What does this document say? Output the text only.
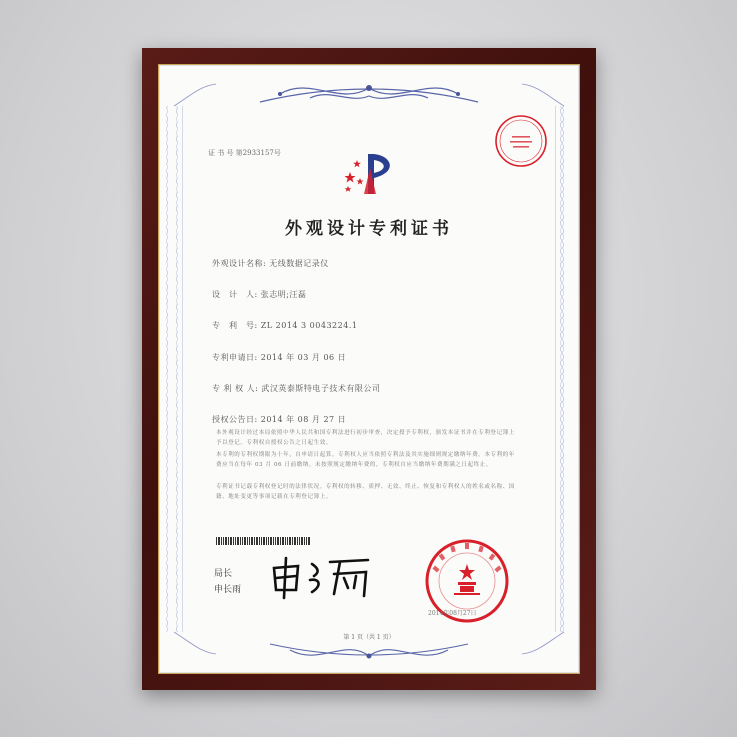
证 书 号 第2933157号
外观设计专利证书
外观设计名称: 无线数据记录仪
设　计　人: 张志明;汪磊
专　利　号: ZL 2014 3 0043224.1
专利申请日: 2014 年 03 月 06 日
专 利 权 人: 武汉英泰斯特电子技术有限公司
授权公告日: 2014 年 08 月 27 日
本外观设计经过本局依照中华人民共和国专利法进行初步审查，决定授予专利权，颁发本证书并在专利登记簿上予以登记。专利权自授权公告之日起生效。
本专利的专利权期限为十年，自申请日起算。专利权人应当依照专利法及其实施细则规定缴纳年费。本专利的年费应当在每年 03 月 06 日前缴纳。未按照规定缴纳年费的，专利权自应当缴纳年费期满之日起终止。
专利证书记载专利权登记时的法律状况。专利权的转移、质押、无效、终止、恢复和专利权人的姓名或名称、国籍、地址变更等事项记载在专利登记簿上。
局长
申长雨
2014年08月27日
第 1 页（共 1 页）
